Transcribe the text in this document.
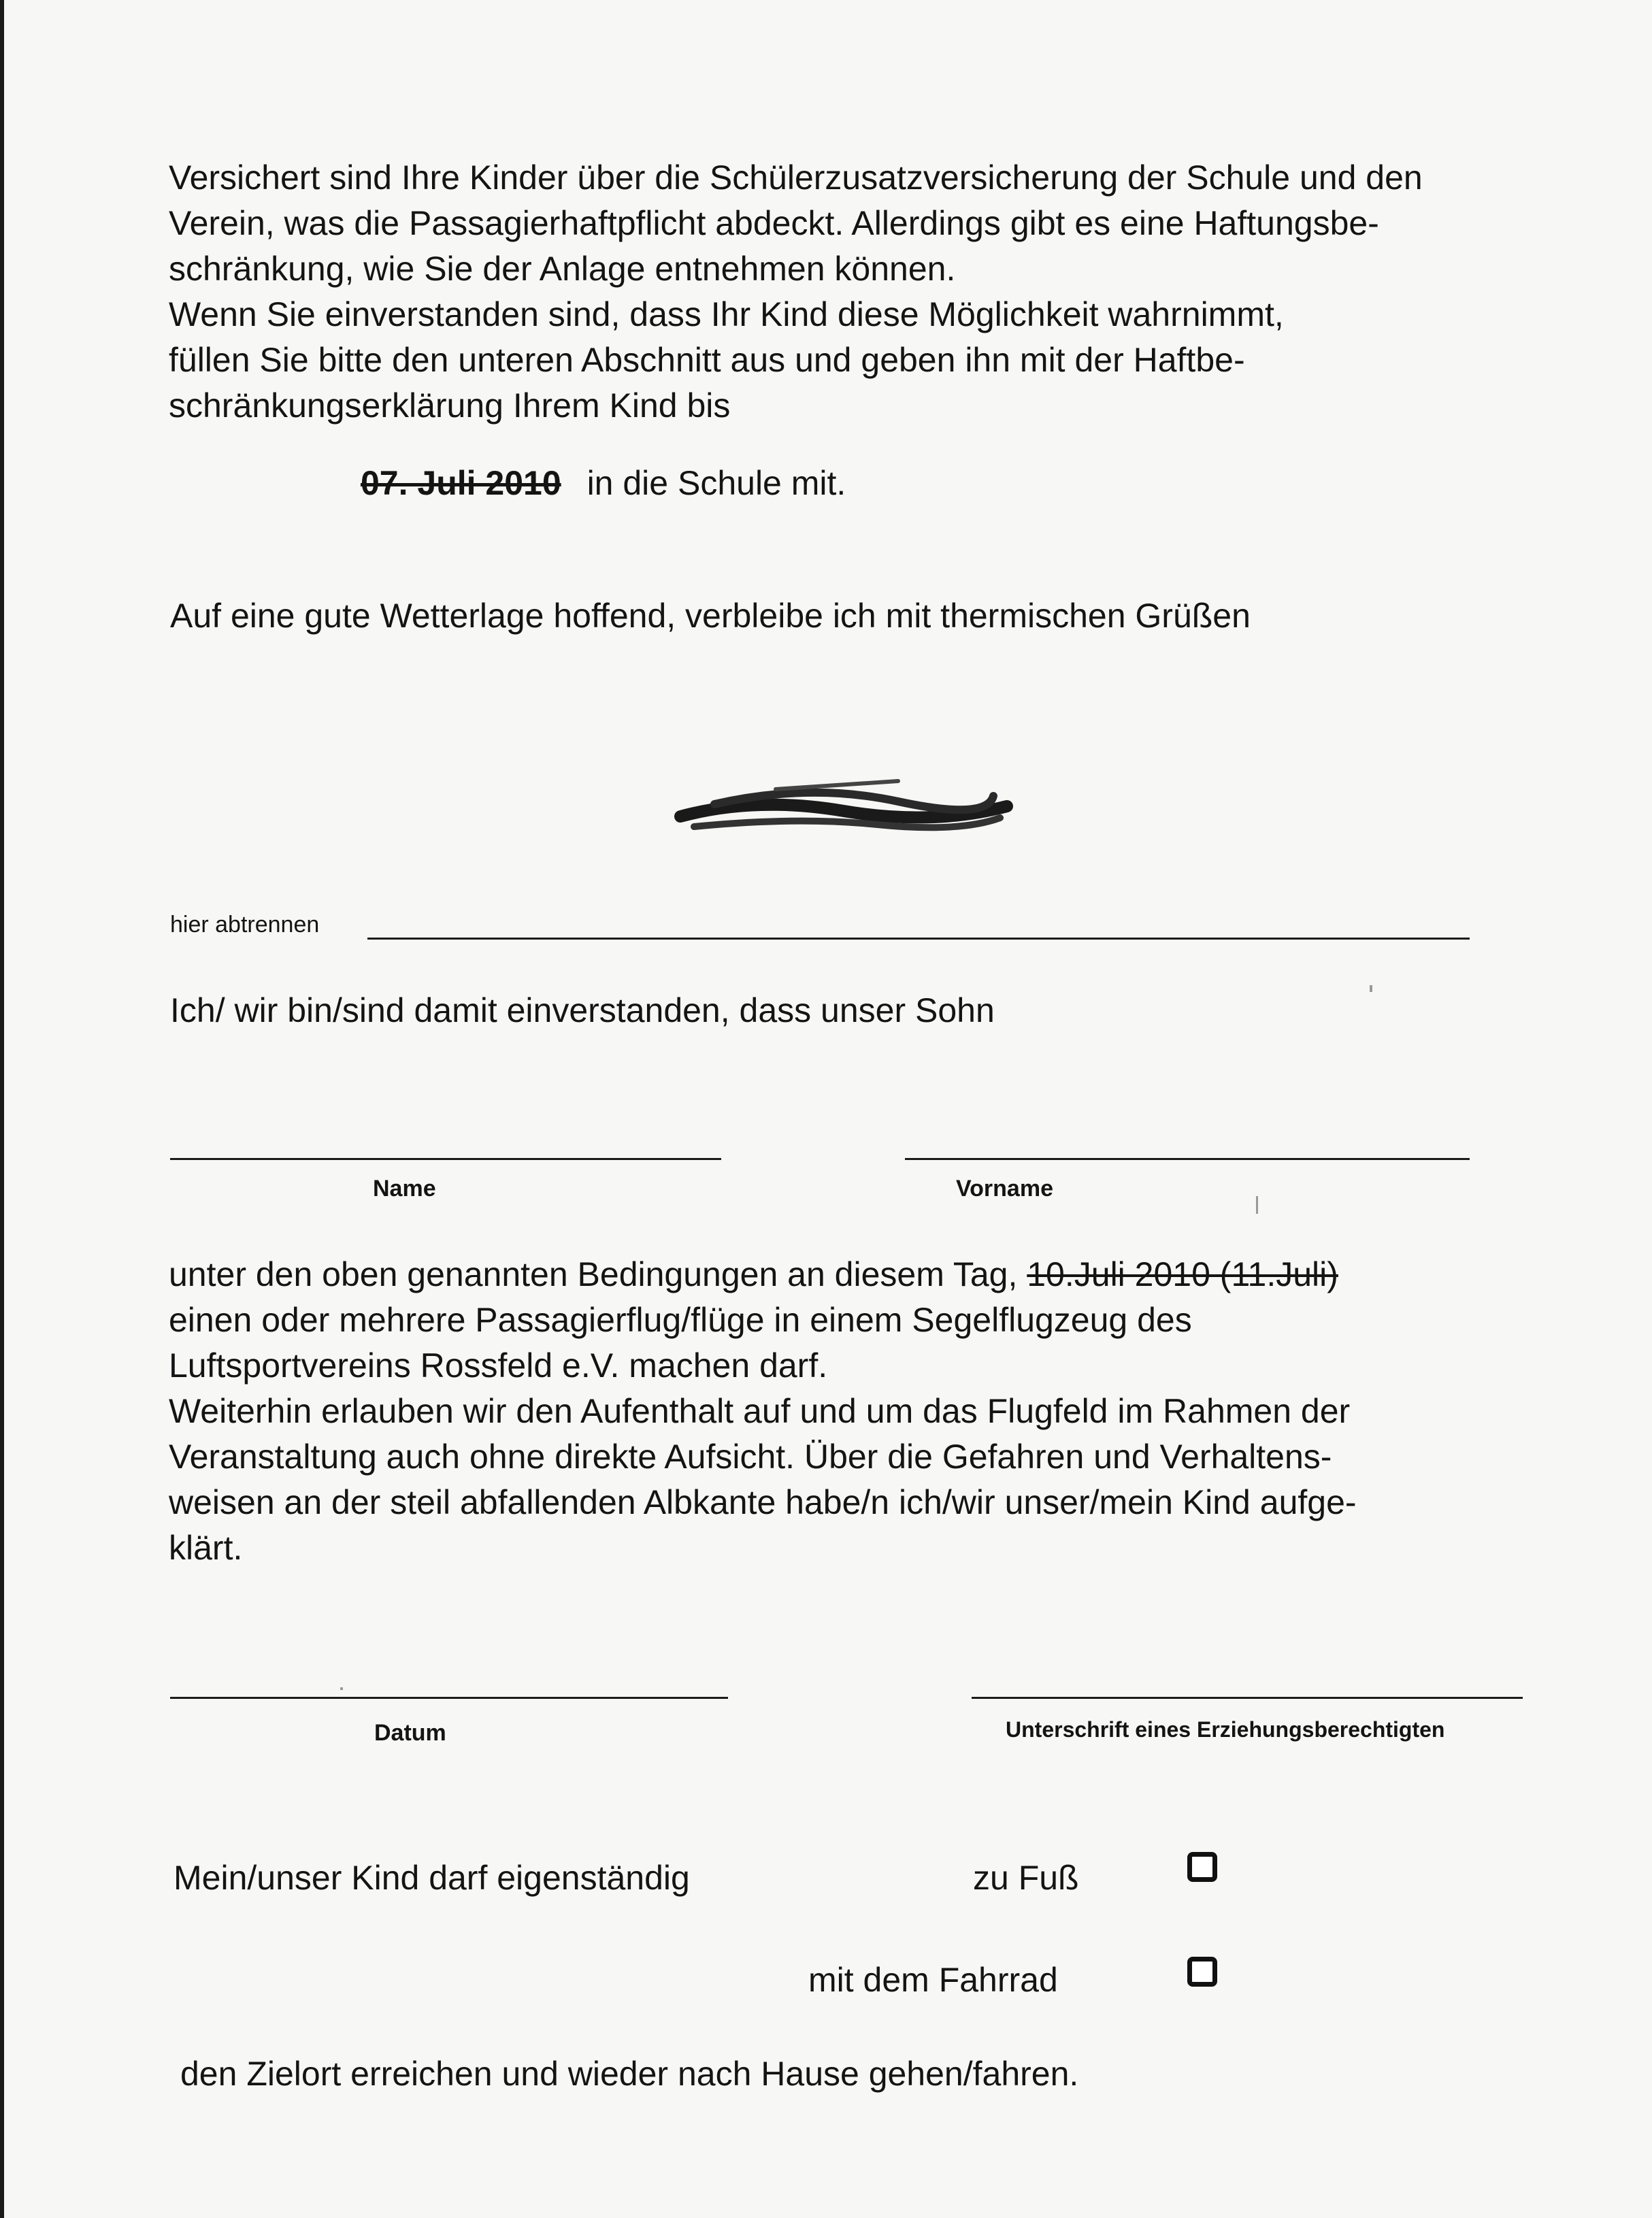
Versichert sind Ihre Kinder über die Schülerzusatzversicherung der Schule und den
Verein, was die Passagierhaftpflicht abdeckt. Allerdings gibt es eine Haftungsbe-
schränkung, wie Sie der Anlage entnehmen können.
Wenn Sie einverstanden sind, dass Ihr Kind diese Möglichkeit wahrnimmt,
füllen Sie bitte den unteren Abschnitt aus und geben ihn mit der Haftbe-
schränkungserklärung Ihrem Kind bis
07. Juli 2010 in die Schule mit.
Auf eine gute Wetterlage hoffend, verbleibe ich mit thermischen Grüßen
hier abtrennen
Ich/ wir bin/sind damit einverstanden, dass unser Sohn
Name	Vorname
unter den oben genannten Bedingungen an diesem Tag, 10.Juli 2010 (11.Juli)
einen oder mehrere Passagierflug/flüge in einem Segelflugzeug des
Luftsportvereins Rossfeld e.V. machen darf.
Weiterhin erlauben wir den Aufenthalt auf und um das Flugfeld im Rahmen der
Veranstaltung auch ohne direkte Aufsicht. Über die Gefahren und Verhaltens-
weisen an der steil abfallenden Albkante habe/n ich/wir unser/mein Kind aufge-
klärt.
Datum	Unterschrift eines Erziehungsberechtigten
Mein/unser Kind darf eigenständig	zu Fuß
mit dem Fahrrad
den Zielort erreichen und wieder nach Hause gehen/fahren.
